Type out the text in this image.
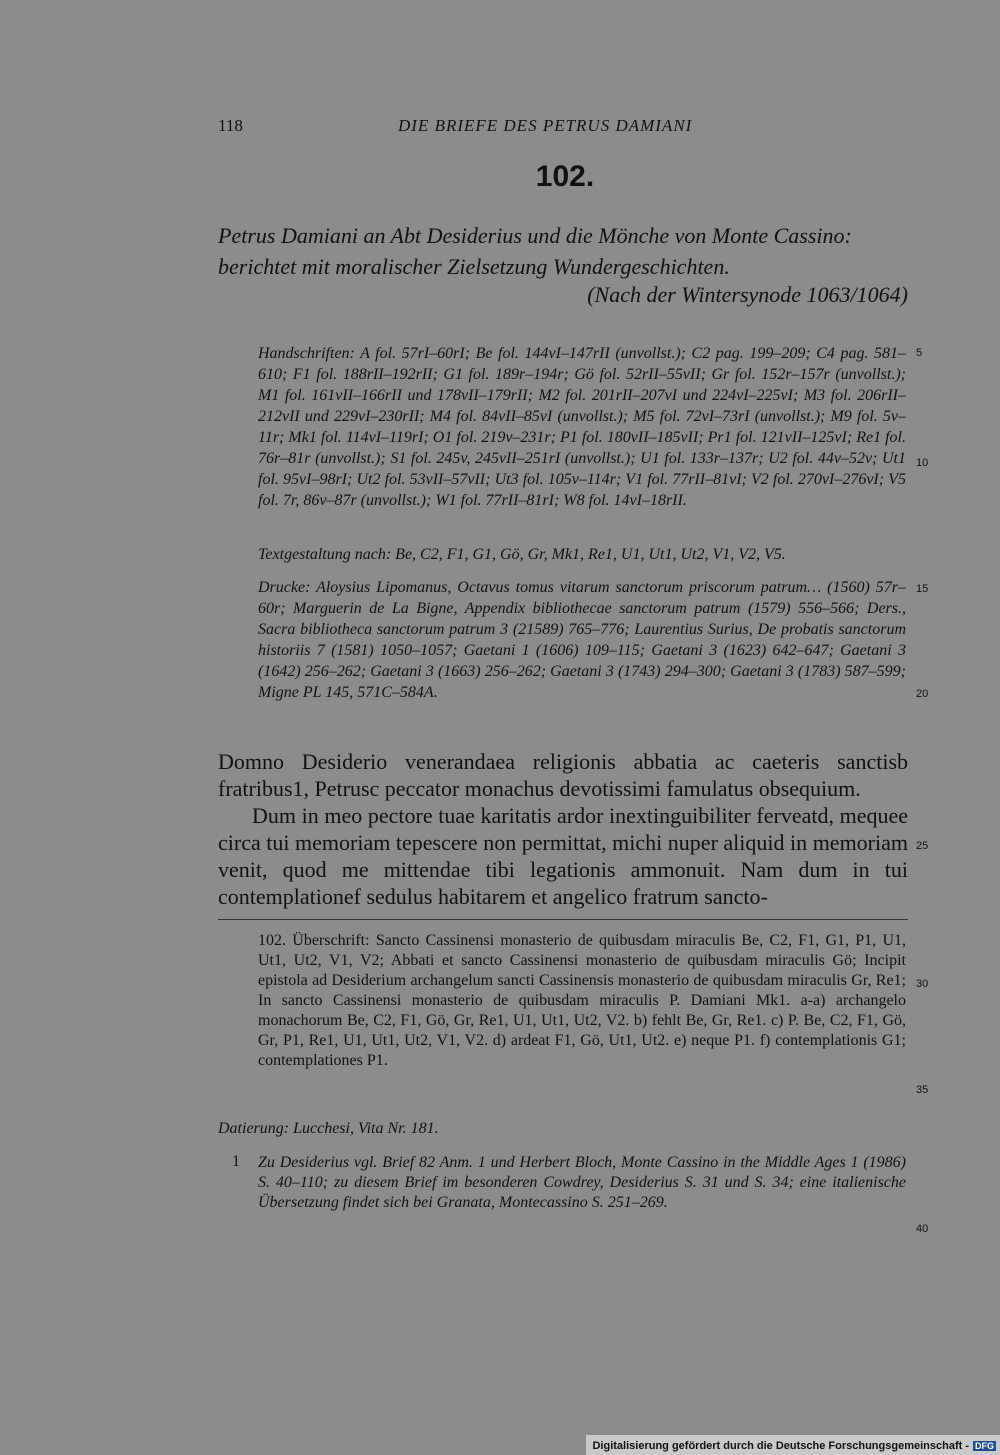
118	DIE BRIEFE DES PETRUS DAMIANI
102.
Petrus Damiani an Abt Desiderius und die Mönche von Monte Cassino: berichtet mit moralischer Zielsetzung Wundergeschichten.
(Nach der Wintersynode 1063/1064)
Handschriften: A fol. 57rI–60rI; Be fol. 144vI–147rII (unvollst.); C2 pag. 199–209; C4 pag. 581–610; F1 fol. 188rII–192rII; G1 fol. 189r–194r; Gö fol. 52rII–55vII; Gr fol. 152r–157r (unvollst.); M1 fol. 161vII–166rII und 178vII–179rII; M2 fol. 201rII–207vI und 224vI–225vI; M3 fol. 206rII–212vII und 229vI–230rII; M4 fol. 84vII–85vI (unvollst.); M5 fol. 72vI–73rI (unvollst.); M9 fol. 5v–11r; Mk1 fol. 114vI–119rI; O1 fol. 219v–231r; P1 fol. 180vII–185vII; Pr1 fol. 121vII–125vI; Re1 fol. 76r–81r (unvollst.); S1 fol. 245v, 245vII–251rI (unvollst.); U1 fol. 133r–137r; U2 fol. 44v–52v; Ut1 fol. 95vI–98rI; Ut2 fol. 53vII–57vII; Ut3 fol. 105v–114r; V1 fol. 77rII–81vI; V2 fol. 270vI–276vI; V5 fol. 7r, 86v–87r (unvollst.); W1 fol. 77rII–81rI; W8 fol. 14vI–18rII.
Textgestaltung nach: Be, C2, F1, G1, Gö, Gr, Mk1, Re1, U1, Ut1, Ut2, V1, V2, V5.
Drucke: Aloysius Lipomanus, Octavus tomus vitarum sanctorum priscorum patrum… (1560) 57r–60r; Marguerin de La Bigne, Appendix bibliothecae sanctorum patrum (1579) 556–566; Ders., Sacra bibliotheca sanctorum patrum 3 (21589) 765–776; Laurentius Surius, De probatis sanctorum historiis 7 (1581) 1050–1057; Gaetani 1 (1606) 109–115; Gaetani 3 (1623) 642–647; Gaetani 3 (1642) 256–262; Gaetani 3 (1663) 256–262; Gaetani 3 (1743) 294–300; Gaetani 3 (1783) 587–599; Migne PL 145, 571C–584A.
5
10
15
20
25
30
35
40
Domno Desiderio venerandaea religionis abbatia ac caeteris sanctisb fratribus1, Petrusc peccator monachus devotissimi famulatus obsequium.
Dum in meo pectore tuae karitatis ardor inextinguibiliter ferveatd, mequee circa tui memoriam tepescere non permittat, michi nuper aliquid in memoriam venit, quod me mittendae tibi legationis ammonuit. Nam dum in tui contemplationef sedulus habitarem et angelico fratrum sancto-
102. Überschrift: Sancto Cassinensi monasterio de quibusdam miraculis Be, C2, F1, G1, P1, U1, Ut1, Ut2, V1, V2; Abbati et sancto Cassinensi monasterio de quibusdam miraculis Gö; Incipit epistola ad Desiderium archangelum sancti Cassinensis monasterio de quibusdam miraculis Gr, Re1; In sancto Cassinensi monasterio de quibusdam miraculis P. Damiani Mk1. a-a) archangelo monachorum Be, C2, F1, Gö, Gr, Re1, U1, Ut1, Ut2, V2. b) fehlt Be, Gr, Re1. c) P. Be, C2, F1, Gö, Gr, P1, Re1, U1, Ut1, Ut2, V1, V2. d) ardeat F1, Gö, Ut1, Ut2. e) neque P1. f) contemplationis G1; contemplationes P1.
Datierung: Lucchesi, Vita Nr. 181.
1 Zu Desiderius vgl. Brief 82 Anm. 1 und Herbert Bloch, Monte Cassino in the Middle Ages 1 (1986) S. 40–110; zu diesem Brief im besonderen Cowdrey, Desiderius S. 31 und S. 34; eine italienische Übersetzung findet sich bei Granata, Montecassino S. 251–269.
Digitalisierung gefördert durch die Deutsche Forschungsgemeinschaft - DFG
